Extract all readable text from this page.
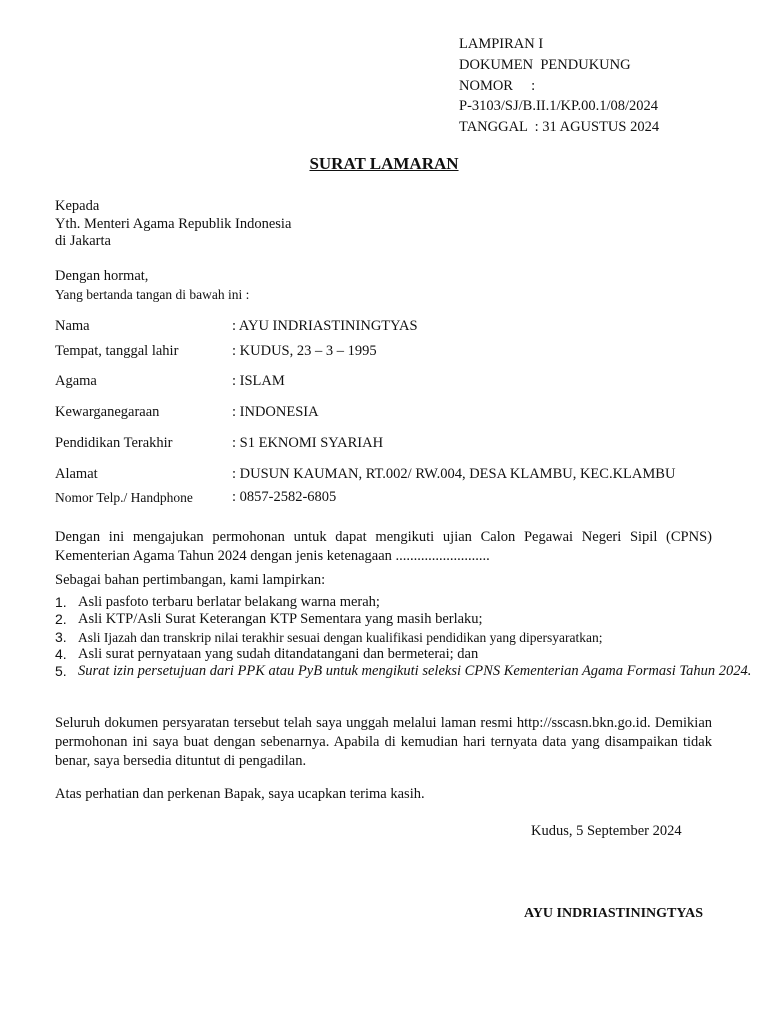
LAMPIRAN I
DOKUMEN  PENDUKUNG
NOMOR     :
P-3103/SJ/B.II.1/KP.00.1/08/2024
TANGGAL  : 31 AGUSTUS 2024
SURAT LAMARAN
Kepada
Yth. Menteri Agama Republik Indonesia
di Jakarta
Dengan hormat,
Yang bertanda tangan di bawah ini :
Nama	: AYU INDRIASTININGTYAS
Tempat, tanggal lahir	: KUDUS, 23 – 3 – 1995
Agama	: ISLAM
Kewarganegaraan	: INDONESIA
Pendidikan Terakhir	: S1 EKNOMI SYARIAH
Alamat	: DUSUN KAUMAN, RT.002/ RW.004, DESA KLAMBU, KEC.KLAMBU
Nomor Telp./ Handphone	: 0857-2582-6805
Dengan ini mengajukan permohonan untuk dapat mengikuti ujian Calon Pegawai Negeri Sipil (CPNS) Kementerian Agama Tahun 2024 dengan jenis ketenagaan ..........................
Sebagai bahan pertimbangan, kami lampirkan:
1. Asli pasfoto terbaru berlatar belakang warna merah;
2. Asli KTP/Asli Surat Keterangan KTP Sementara yang masih berlaku;
3. Asli Ijazah dan transkrip nilai terakhir sesuai dengan kualifikasi pendidikan yang dipersyaratkan;
4. Asli surat pernyataan yang sudah ditandatangani dan bermeterai; dan
5. Surat izin persetujuan dari PPK atau PyB untuk mengikuti seleksi CPNS Kementerian Agama Formasi Tahun 2024.
Seluruh dokumen persyaratan tersebut telah saya unggah melalui laman resmi http://sscasn.bkn.go.id. Demikian permohonan ini saya buat dengan sebenarnya. Apabila di kemudian hari ternyata data yang disampaikan tidak benar, saya bersedia dituntut di pengadilan.
Atas perhatian dan perkenan Bapak, saya ucapkan terima kasih.
Kudus, 5 September 2024
AYU INDRIASTININGTYAS
